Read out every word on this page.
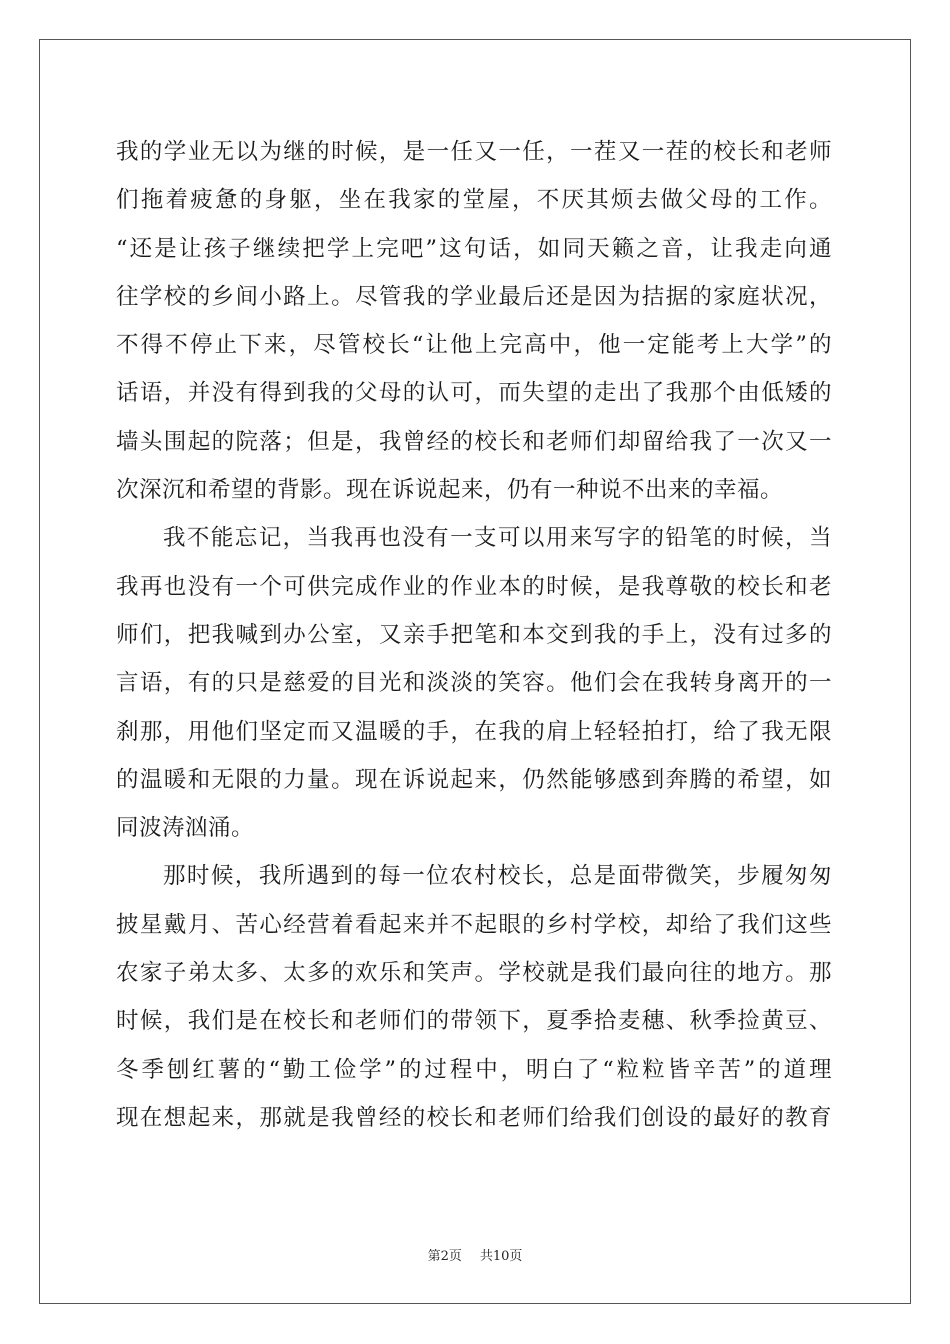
我的学业无以为继的时候，是一任又一任，一茬又一茬的校长和老师
们拖着疲惫的身躯，坐在我家的堂屋，不厌其烦去做父母的工作。
“还是让孩子继续把学上完吧”这句话，如同天籁之音，让我走向通
往学校的乡间小路上。尽管我的学业最后还是因为拮据的家庭状况，
不得不停止下来，尽管校长“让他上完高中，他一定能考上大学”的
话语，并没有得到我的父母的认可，而失望的走出了我那个由低矮的
墙头围起的院落；但是，我曾经的校长和老师们却留给我了一次又一
次深沉和希望的背影。现在诉说起来，仍有一种说不出来的幸福。
我不能忘记，当我再也没有一支可以用来写字的铅笔的时候，当
我再也没有一个可供完成作业的作业本的时候，是我尊敬的校长和老
师们，把我喊到办公室，又亲手把笔和本交到我的手上，没有过多的
言语，有的只是慈爱的目光和淡淡的笑容。他们会在我转身离开的一
刹那，用他们坚定而又温暖的手，在我的肩上轻轻拍打，给了我无限
的温暖和无限的力量。现在诉说起来，仍然能够感到奔腾的希望，如
同波涛汹涌。
那时候，我所遇到的每一位农村校长，总是面带微笑，步履匆匆
披星戴月、苦心经营着看起来并不起眼的乡村学校，却给了我们这些
农家子弟太多、太多的欢乐和笑声。学校就是我们最向往的地方。那
时候，我们是在校长和老师们的带领下，夏季拾麦穗、秋季捡黄豆、
冬季刨红薯的“勤工俭学”的过程中，明白了“粒粒皆辛苦”的道理
现在想起来，那就是我曾经的校长和老师们给我们创设的最好的教育
第2页 共10页
